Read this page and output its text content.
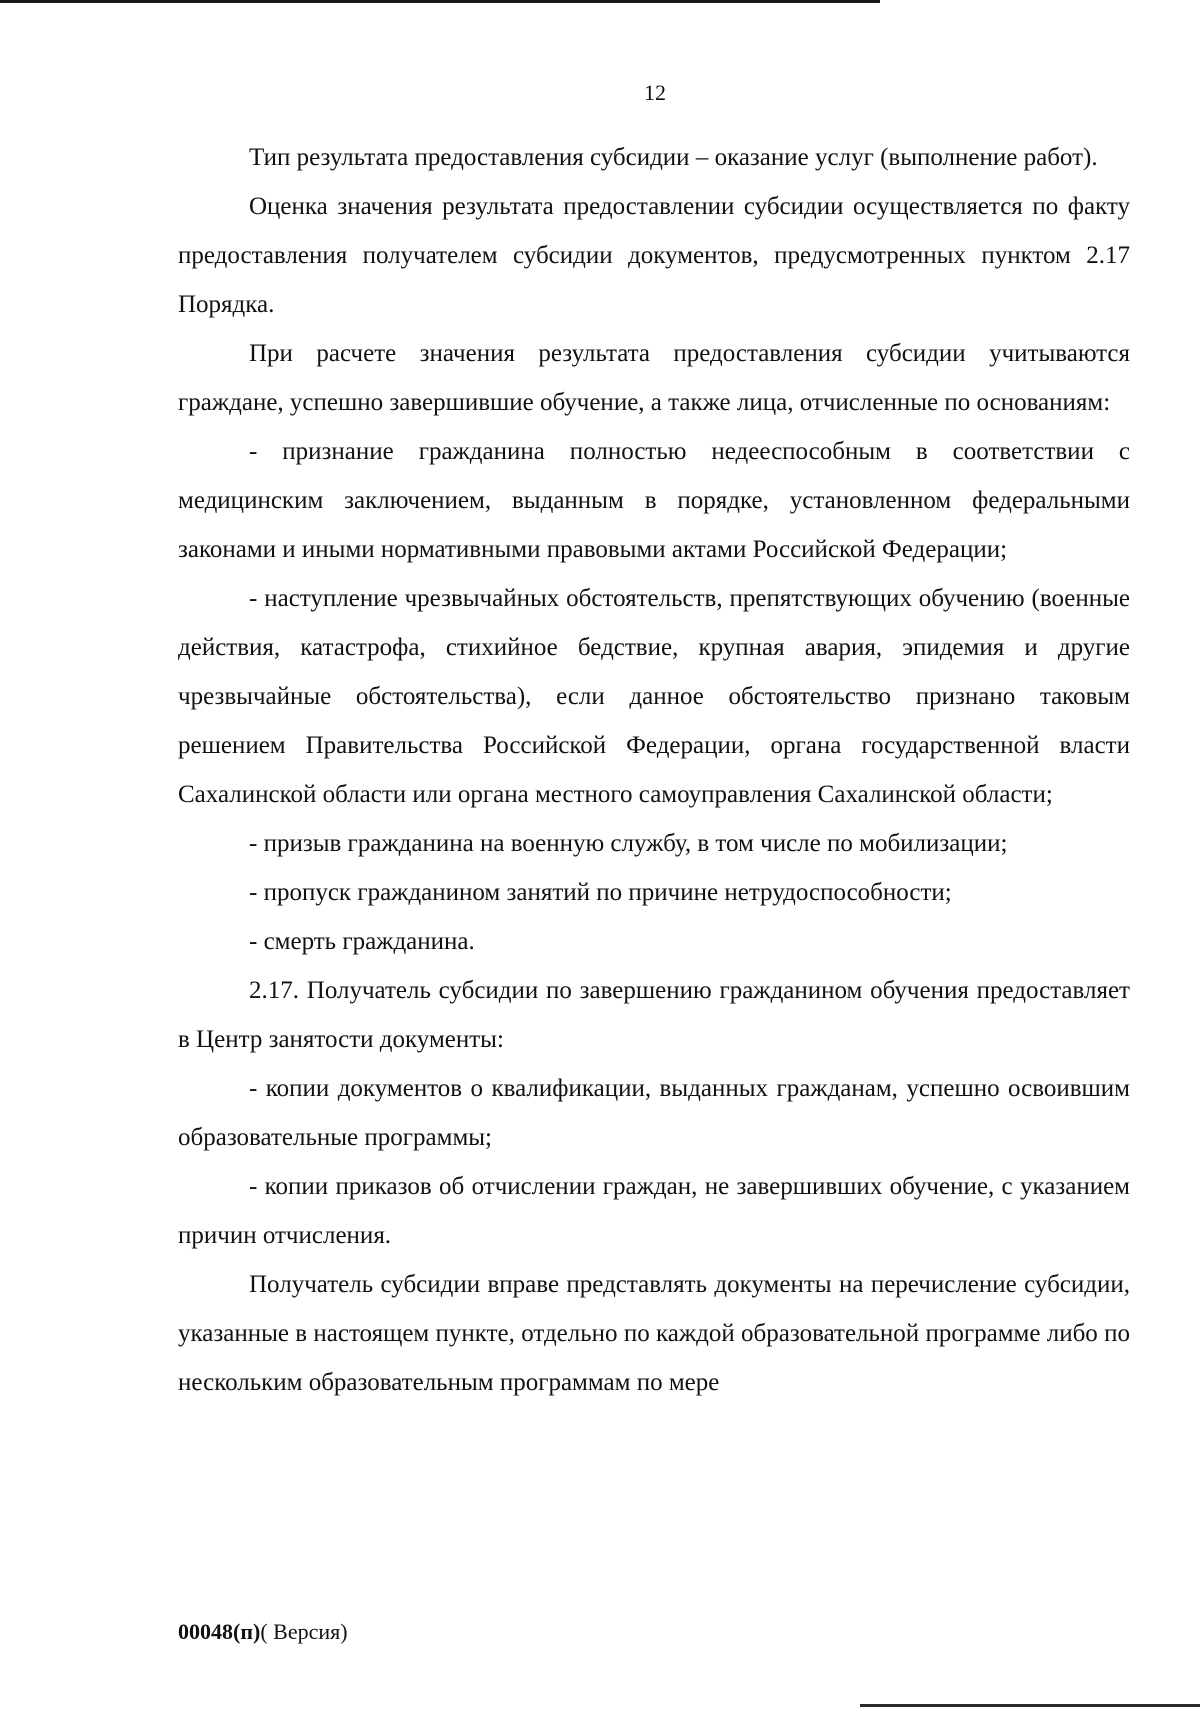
12

Тип результата предоставления субсидии – оказание услуг (выполнение работ).

Оценка значения результата предоставлении субсидии осуществляется по факту предоставления получателем субсидии документов, предусмотренных пунктом 2.17 Порядка.

При расчете значения результата предоставления субсидии учитываются граждане, успешно завершившие обучение, а также лица, отчисленные по основаниям:

- признание гражданина полностью недееспособным в соответствии с медицинским заключением, выданным в порядке, установленном федеральными законами и иными нормативными правовыми актами Российской Федерации;

- наступление чрезвычайных обстоятельств, препятствующих обучению (военные действия, катастрофа, стихийное бедствие, крупная авария, эпидемия и другие чрезвычайные обстоятельства), если данное обстоятельство признано таковым решением Правительства Российской Федерации, органа государственной власти Сахалинской области или органа местного самоуправления Сахалинской области;

- призыв гражданина на военную службу, в том числе по мобилизации;

- пропуск гражданином занятий по причине нетрудоспособности;

- смерть гражданина.

2.17. Получатель субсидии по завершению гражданином обучения предоставляет в Центр занятости документы:

- копии документов о квалификации, выданных гражданам, успешно освоившим образовательные программы;

- копии приказов об отчислении граждан, не завершивших обучение, с указанием причин отчисления.

Получатель субсидии вправе представлять документы на перечисление субсидии, указанные в настоящем пункте, отдельно по каждой образовательной программе либо по нескольким образовательным программам по мере

00048(п)( Версия)
